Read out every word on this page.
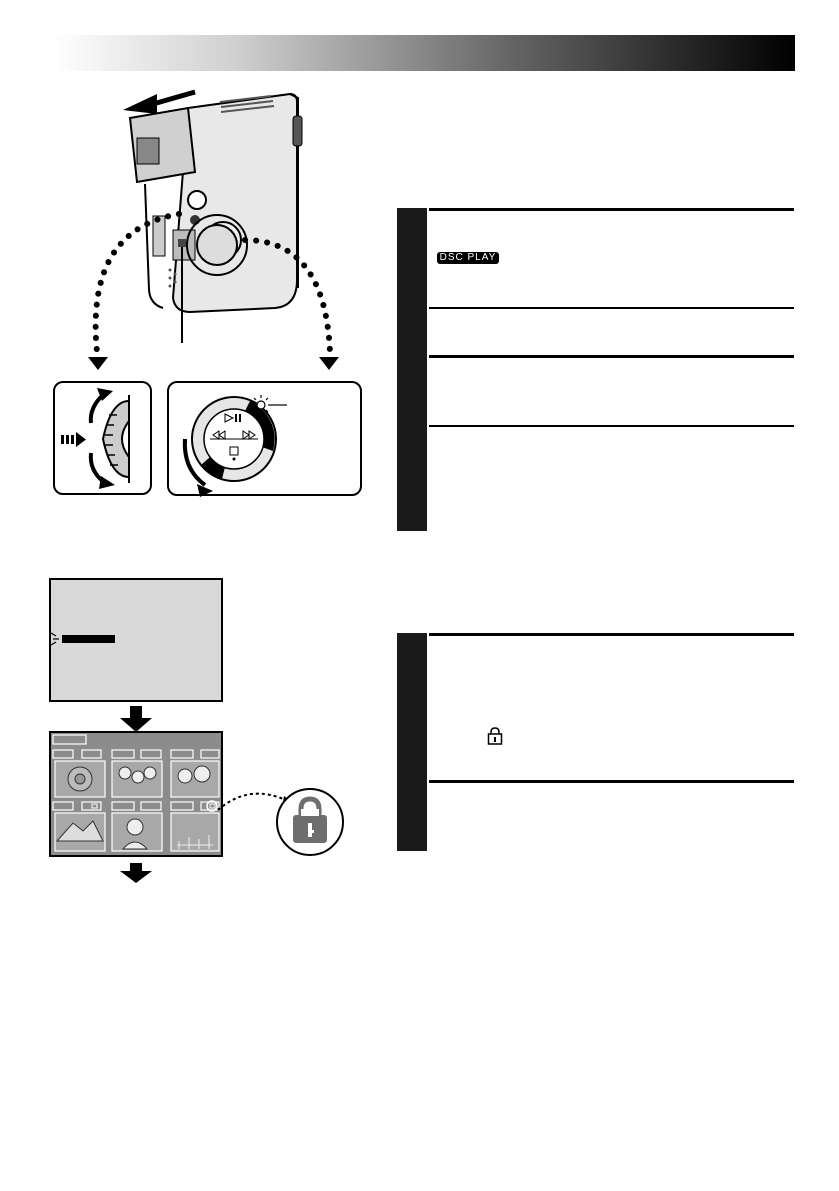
DSC PLAY
